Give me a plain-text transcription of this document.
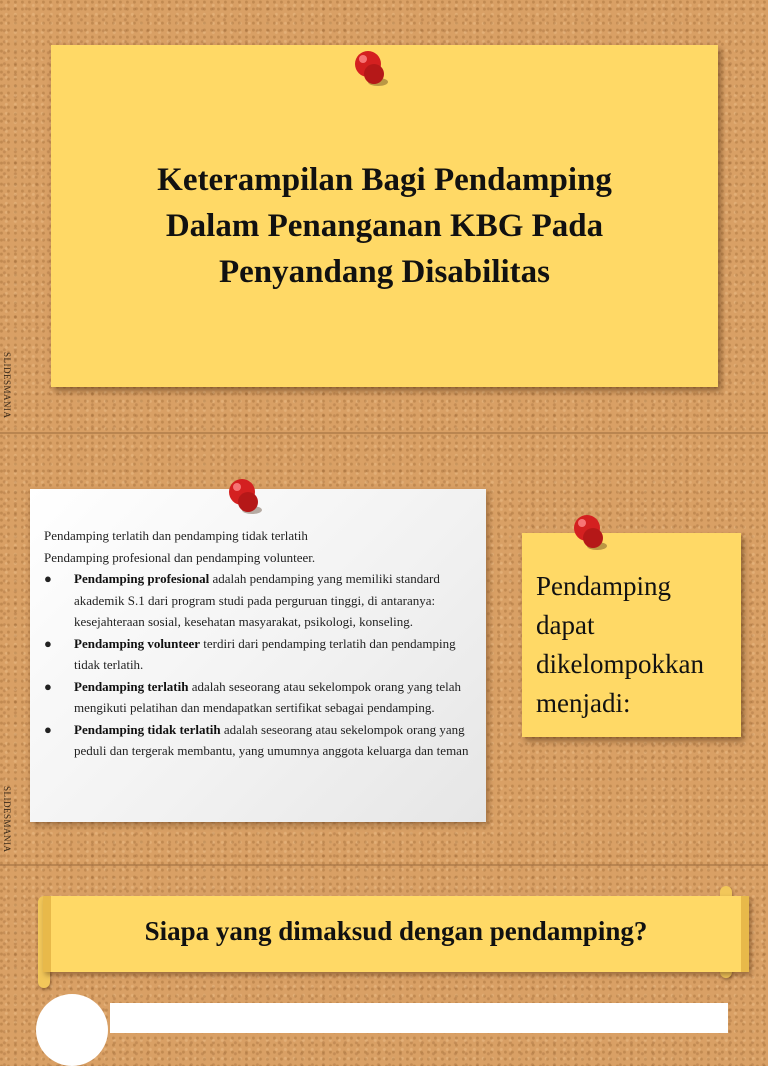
SLIDESMANIA
SLIDESMANIA
Keterampilan Bagi Pendamping
Dalam Penanganan KBG Pada
Penyandang Disabilitas

Pendamping terlatih dan pendamping tidak terlatih

Pendamping profesional dan pendamping volunteer.

● Pendamping profesional adalah pendamping yang memiliki standard akademik S.1 dari program studi pada perguruan tinggi, di antaranya: kesejahteraan sosial, kesehatan masyarakat, psikologi, konseling.
● Pendamping volunteer terdiri dari pendamping terlatih dan pendamping tidak terlatih.
● Pendamping terlatih adalah seseorang atau sekelompok orang yang telah mengikuti pelatihan dan mendapatkan sertifikat sebagai pendamping.
● Pendamping tidak terlatih adalah seseorang atau sekelompok orang yang peduli dan tergerak membantu, yang umumnya anggota keluarga dan teman
Pendamping dapat dikelompokkan menjadi:
Siapa yang dimaksud dengan pendamping?
